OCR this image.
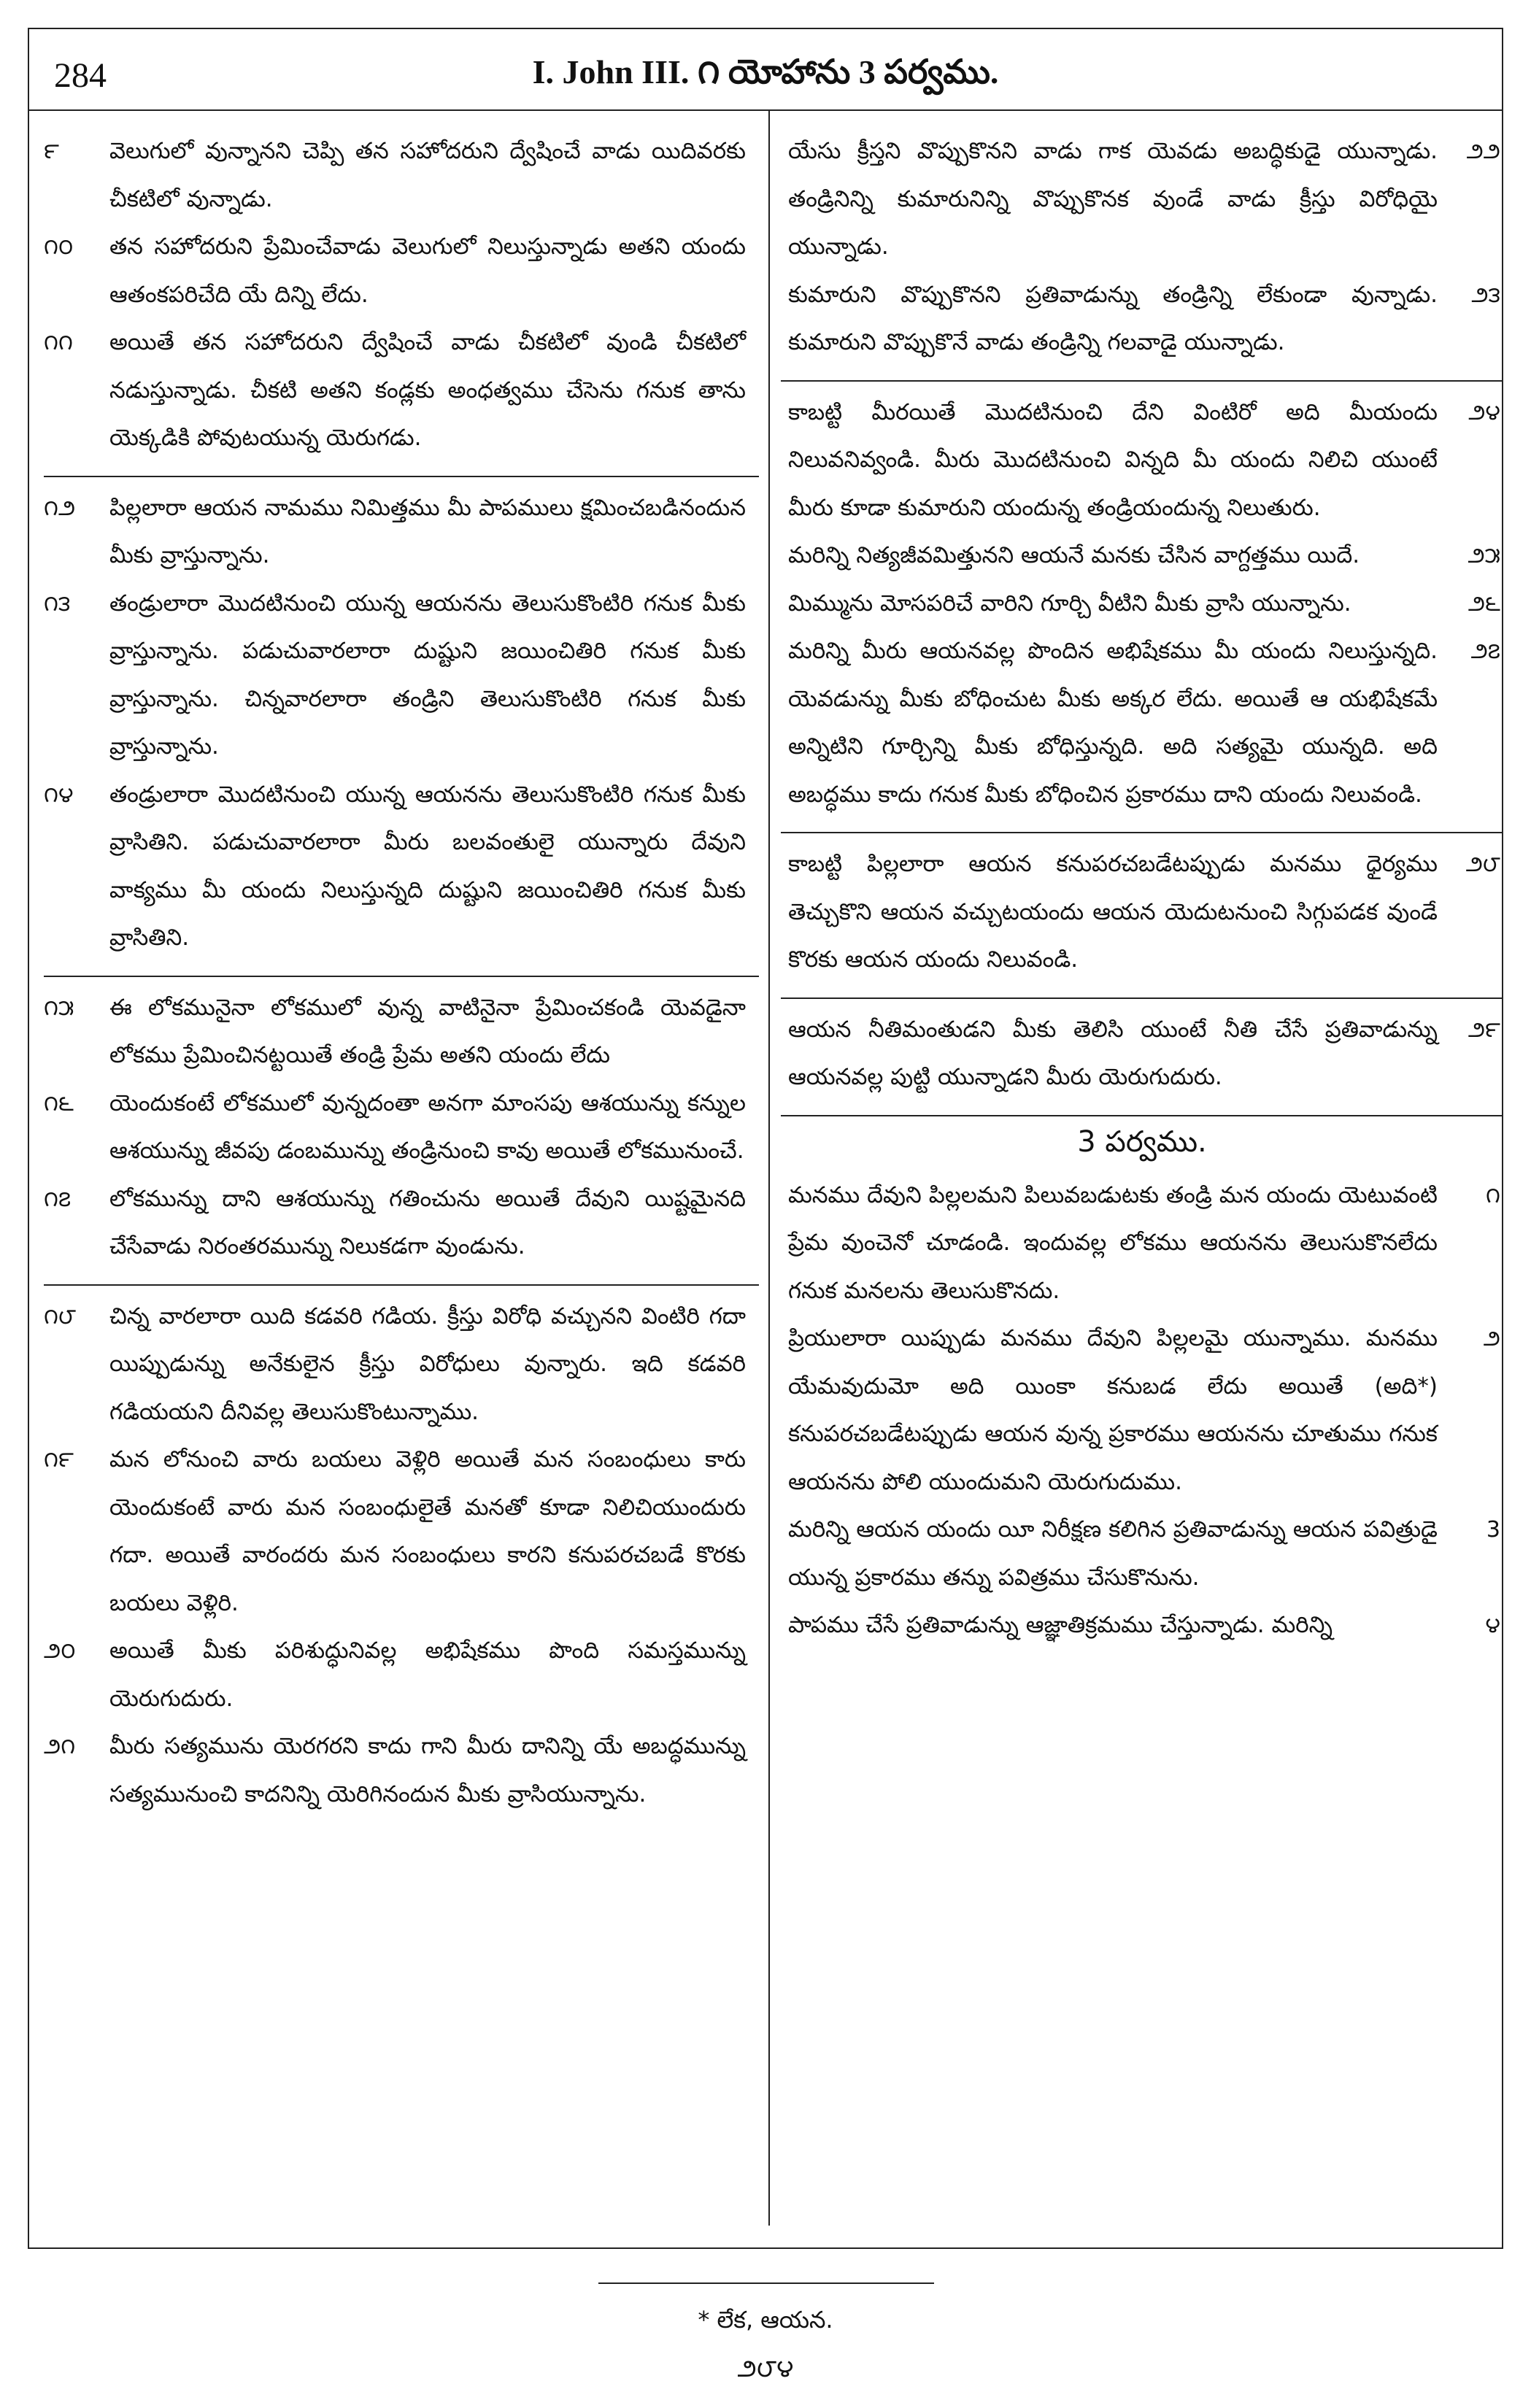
284	I. John III. ౧ యోహాను 3 పర్వము.
౯	వెలుగులో వున్నానని చెప్పి తన సహోదరుని ద్వేషించే వాడు యిదివరకు చీకటిలో వున్నాడు.
౧౦	తన సహోదరుని ప్రేమించేవాడు వెలుగులో నిలుస్తున్నాడు అతని యందు ఆతంకపరిచేది యే దిన్ని లేదు.
౧౧	అయితే తన సహోదరుని ద్వేషించే వాడు చీకటిలో వుండి చీకటిలో నడుస్తున్నాడు. చీకటి అతని కండ్లకు అంధత్వము చేసెను గనుక తాను యెక్కడికి పోవుటయున్న యెరుగడు.
౧౨	పిల్లలారా ఆయన నామము నిమిత్తము మీ పాపములు క్షమించబడినందున మీకు వ్రాస్తున్నాను.
౧౩	తండ్రులారా మొదటినుంచి యున్న ఆయనను తెలుసుకొంటిరి గనుక మీకు వ్రాస్తున్నాను. పడుచువారలారా దుష్టుని జయించితిరి గనుక మీకు వ్రాస్తున్నాను. చిన్నవారలారా తండ్రిని తెలుసుకొంటిరి గనుక మీకు వ్రాస్తున్నాను.
౧౪	తండ్రులారా మొదటినుంచి యున్న ఆయనను తెలుసుకొంటిరి గనుక మీకు వ్రాసితిని. పడుచువారలారా మీరు బలవంతులై యున్నారు దేవుని వాక్యము మీ యందు నిలుస్తున్నది దుష్టుని జయించితిరి గనుక మీకు వ్రాసితిని.
౧౫	ఈ లోకమునైనా లోకములో వున్న వాటినైనా ప్రేమించకండి యెవడైనా లోకము ప్రేమించినట్టయితే తండ్రి ప్రేమ అతని యందు లేదు
౧౬	యెందుకంటే లోకములో వున్నదంతా అనగా మాంసపు ఆశయున్ను కన్నుల ఆశయున్ను జీవపు డంబమున్ను తండ్రినుంచి కావు అయితే లోకమునుంచే.
౧౭	లోకమున్ను దాని ఆశయున్ను గతించును అయితే దేవుని యిష్టమైనది చేసేవాడు నిరంతరమున్ను నిలుకడగా వుండును.
౧౮	చిన్న వారలారా యిది కడవరి గడియ. క్రీస్తు విరోధి వచ్చునని వింటిరి గదా యిప్పుడున్ను అనేకులైన క్రీస్తు విరోధులు వున్నారు. ఇది కడవరి గడియయని దీనివల్ల తెలుసుకొంటున్నాము.
౧౯	మన లోనుంచి వారు బయలు వెళ్లిరి అయితే మన సంబంధులు కారు యెందుకంటే వారు మన సంబంధులైతే మనతో కూడా నిలిచియుందురు గదా. అయితే వారందరు మన సంబంధులు కారని కనుపరచబడే కొరకు బయలు వెళ్లిరి.
౨౦	అయితే మీకు పరిశుద్ధునివల్ల అభిషేకము పొంది సమస్తమున్ను యెరుగుదురు.
౨౧	మీరు సత్యమును యెరగరని కాదు గాని మీరు దానిన్ని యే అబద్ధమున్ను సత్యమునుంచి కాదనిన్ని యెరిగినందున మీకు వ్రాసియున్నాను.
౨౨
యేసు క్రీస్తని వొప్పుకొనని వాడు గాక యెవడు అబద్ధికుడై యున్నాడు. తండ్రినిన్ని కుమారునిన్ని వొప్పుకొనక వుండే వాడు క్రీస్తు విరోధియై యున్నాడు.
౨౩
కుమారుని వొప్పుకొనని ప్రతివాడున్ను తండ్రిన్ని లేకుండా వున్నాడు. కుమారుని వొప్పుకొనే వాడు తండ్రిన్ని గలవాడై యున్నాడు.
౨౪
కాబట్టి మీరయితే మొదటినుంచి దేని వింటిరో అది మీయందు నిలువనివ్వండి. మీరు మొదటినుంచి విన్నది మీ యందు నిలిచి యుంటే మీరు కూడా కుమారుని యందున్న తండ్రియందున్న నిలుతురు.
౨౫
మరిన్ని నిత్యజీవమిత్తునని ఆయనే మనకు చేసిన వాగ్దత్తము యిదే.
౨౬
మిమ్మును మోసపరిచే వారిని గూర్చి వీటిని మీకు వ్రాసి యున్నాను.
౨౭
మరిన్ని మీరు ఆయనవల్ల పొందిన అభిషేకము మీ యందు నిలుస్తున్నది. యెవడున్ను మీకు బోధించుట మీకు అక్కర లేదు. అయితే ఆ యభిషేకమే అన్నిటిని గూర్చిన్ని మీకు బోధిస్తున్నది. అది సత్యమై యున్నది. అది అబద్ధము కాదు గనుక మీకు బోధించిన ప్రకారము దాని యందు నిలువండి.
౨౮
కాబట్టి పిల్లలారా ఆయన కనుపరచబడేటప్పుడు మనము ధైర్యము తెచ్చుకొని ఆయన వచ్చుటయందు ఆయన యెదుటనుంచి సిగ్గుపడక వుండే కొరకు ఆయన యందు నిలువండి.
౨౯
ఆయన నీతిమంతుడని మీకు తెలిసి యుంటే నీతి చేసే ప్రతివాడున్ను ఆయనవల్ల పుట్టి యున్నాడని మీరు యెరుగుదురు.
3 పర్వము.
౧
మనము దేవుని పిల్లలమని పిలువబడుటకు తండ్రి మన యందు యెటువంటి ప్రేమ వుంచెనో చూడండి. ఇందువల్ల లోకము ఆయనను తెలుసుకొనలేదు గనుక మనలను తెలుసుకొనదు.
౨
ప్రియులారా యిప్పుడు మనము దేవుని పిల్లలమై యున్నాము. మనము యేమవుదుమో అది యింకా కనుబడ లేదు అయితే (అది*) కనుపరచబడేటప్పుడు ఆయన వున్న ప్రకారము ఆయనను చూతుము గనుక ఆయనను పోలి యుందుమని యెరుగుదుము.
3
మరిన్ని ఆయన యందు యీ నిరీక్షణ కలిగిన ప్రతివాడున్ను ఆయన పవిత్రుడై యున్న ప్రకారము తన్ను పవిత్రము చేసుకొనును.
౪
పాపము చేసే ప్రతివాడున్ను ఆజ్ఞాతిక్రమము చేస్తున్నాడు. మరిన్ని
* లేక, ఆయన.
౨౮౪
